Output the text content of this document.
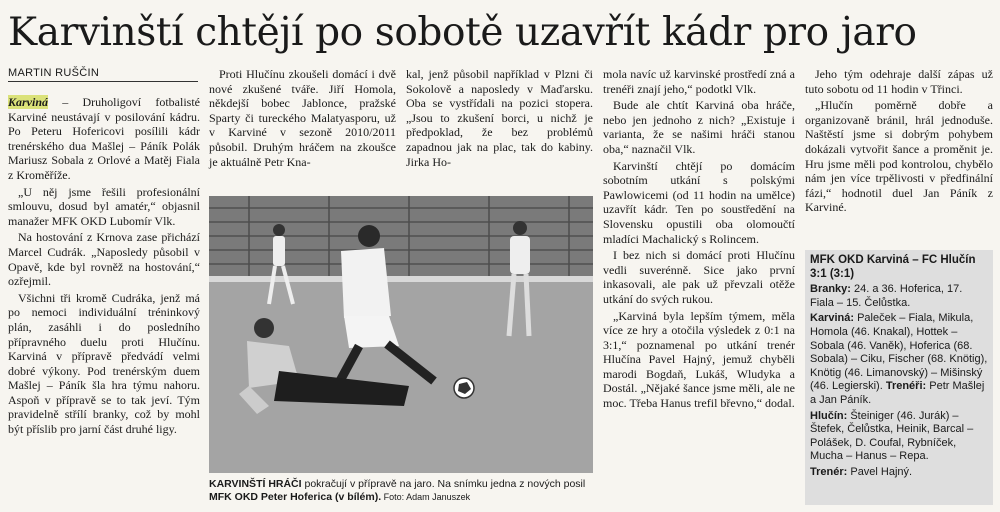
Karvinští chtějí po sobotě uzavřít kádr pro jaro
MARTIN RUŠČIN

Karviná – Druholigoví fotbalisté Karviné neustávají v posilování kádru. Po Peteru Hofericovi posílili kádr trenérského dua Mašlej – Páník Polák Mariusz Sobala z Orlové a Matěj Fiala z Kroměříže.

„U něj jsme řešili profesionální smlouvu, dosud byl amatér,“ objasnil manažer MFK OKD Lubomír Vlk.

Na hostování z Krnova zase přichází Marcel Cudrák. „Naposledy působil v Opavě, kde byl rovněž na hostování,“ ozřejmil.

Všichni tři kromě Cudráka, jenž má po nemoci individuální tréninkový plán, zasáhli i do posledního přípravného duelu proti Hlučínu. Karviná v přípravě předvádí velmi dobré výkony. Pod trenérským duem Mašlej – Páník šla hra týmu nahoru. Aspoň v přípravě se to tak jeví. Tým pravidelně střílí branky, což by mohl být příslib pro jarní část druhé ligy.

Proti Hlučínu zkoušeli domácí i dvě nové zkušené tváře. Jiří Homola, někdejší bobec Jablonce, pražské Sparty či tureckého Malatyasporu, už v Karviné v sezoně 2010/2011 působil. Druhým hráčem na zkoušce je aktuálně Petr Kna-

kal, jenž působil například v Plzni či Sokolově a naposledy v Maďarsku. Oba se vystřídali na pozici stopera. „Jsou to zkušení borci, u nichž je předpoklad, že bez problémů zapadnou jak na plac, tak do kabiny. Jirka Ho-

KARVINŠTÍ HRÁČI pokračují v přípravě na jaro. Na snímku jedna z nových posil MFK OKD Peter Hoferica (v bílém). Foto: Adam Januszek

mola navíc už karvinské prostředí zná a trenéři znají jeho,“ podotkl Vlk.

Bude ale chtít Karviná oba hráče, nebo jen jednoho z nich? „Existuje i varianta, že se našimi hráči stanou oba,“ naznačil Vlk.

Karvinští chtějí po domácím sobotním utkání s polskými Pawlowicemi (od 11 hodin na umělce) uzavřít kádr. Ten po soustředění na Slovensku opustili oba olomoučtí mladíci Machalický s Rolincem.

I bez nich si domácí proti Hlučínu vedli suverénně. Sice jako první inkasovali, ale pak už převzali otěže utkání do svých rukou.

„Karviná byla lepším týmem, měla více ze hry a otočila výsledek z 0:1 na 3:1,“ poznamenal po utkání trenér Hlučína Pavel Hajný, jemuž chyběli marodi Bogdaň, Lukáš, Wludyka a Dostál. „Nějaké šance jsme měli, ale ne moc. Třeba Hanus trefil břevno,“ dodal.

Jeho tým odehraje další zápas už tuto sobotu od 11 hodin v Třinci.

„Hlučín poměrně dobře a organizovaně bránil, hrál jednoduše. Naštěstí jsme si dobrým pohybem dokázali vytvořit šance a proměnit je. Hru jsme měli pod kontrolou, chybělo nám jen více trpělivosti v předfinální fázi,“ hodnotil duel Jan Páník z Karviné.

MFK OKD Karviná – FC Hlučín 3:1 (3:1)

Branky: 24. a 36. Hoferica, 17. Fiala – 15. Čelůstka.

Karviná: Paleček – Fiala, Mikula, Homola (46. Knakal), Hottek – Sobala (46. Vaněk), Hoferica (68. Sobala) – Ciku, Fischer (68. Knötig), Knötig (46. Limanovský) – Mišinský (46. Legierski). Trenéři: Petr Mašlej a Jan Páník.

Hlučín: Šteiniger (46. Jurák) – Štefek, Čelůstka, Heinik, Barcal – Polášek, D. Coufal, Rybníček, Mucha – Hanus – Repa.

Trenér: Pavel Hajný.
